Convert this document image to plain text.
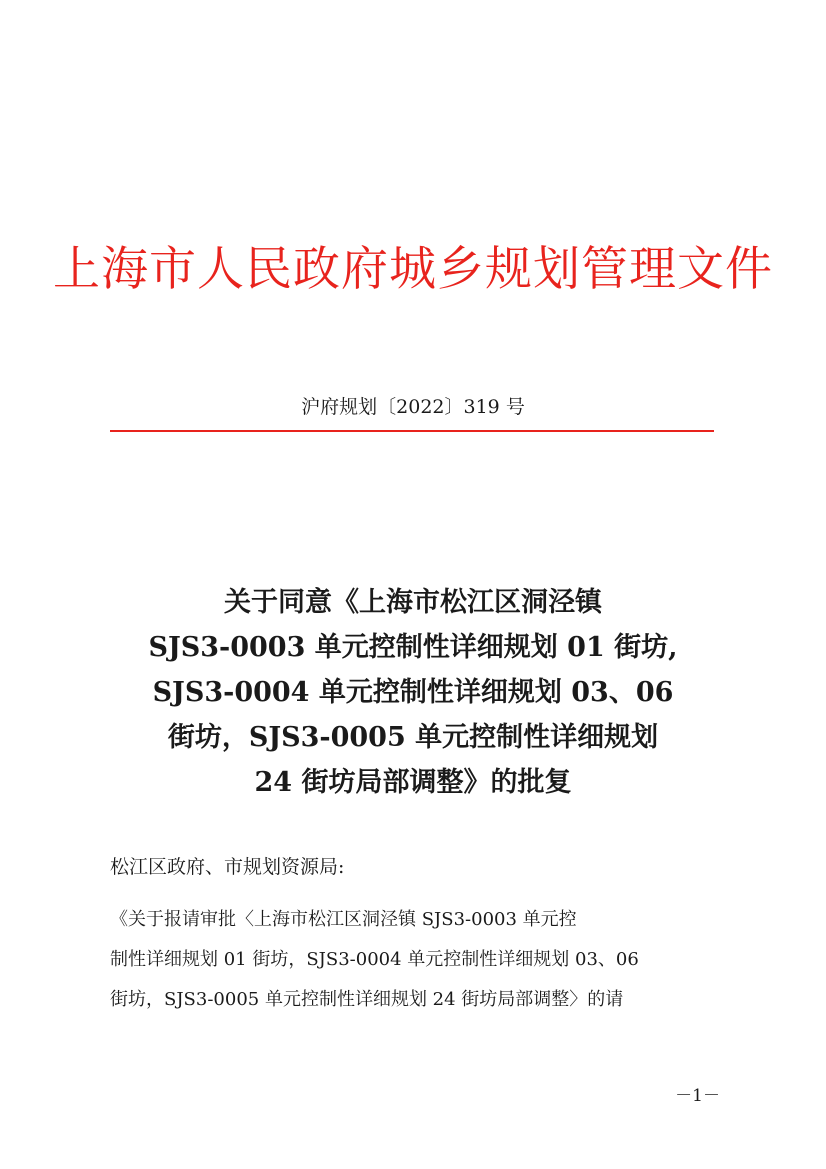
上海市人民政府城乡规划管理文件
沪府规划〔2022〕319 号
关于同意《上海市松江区洞泾镇
SJS3-0003 单元控制性详细规划 01 街坊,
SJS3-0004 单元控制性详细规划 03、06
街坊，SJS3-0005 单元控制性详细规划
24 街坊局部调整》的批复
松江区政府、市规划资源局:
《关于报请审批〈上海市松江区洞泾镇 SJS3-0003 单元控
制性详细规划 01 街坊，SJS3-0004 单元控制性详细规划 03、06
街坊，SJS3-0005 单元控制性详细规划 24 街坊局部调整〉的请
－1－
